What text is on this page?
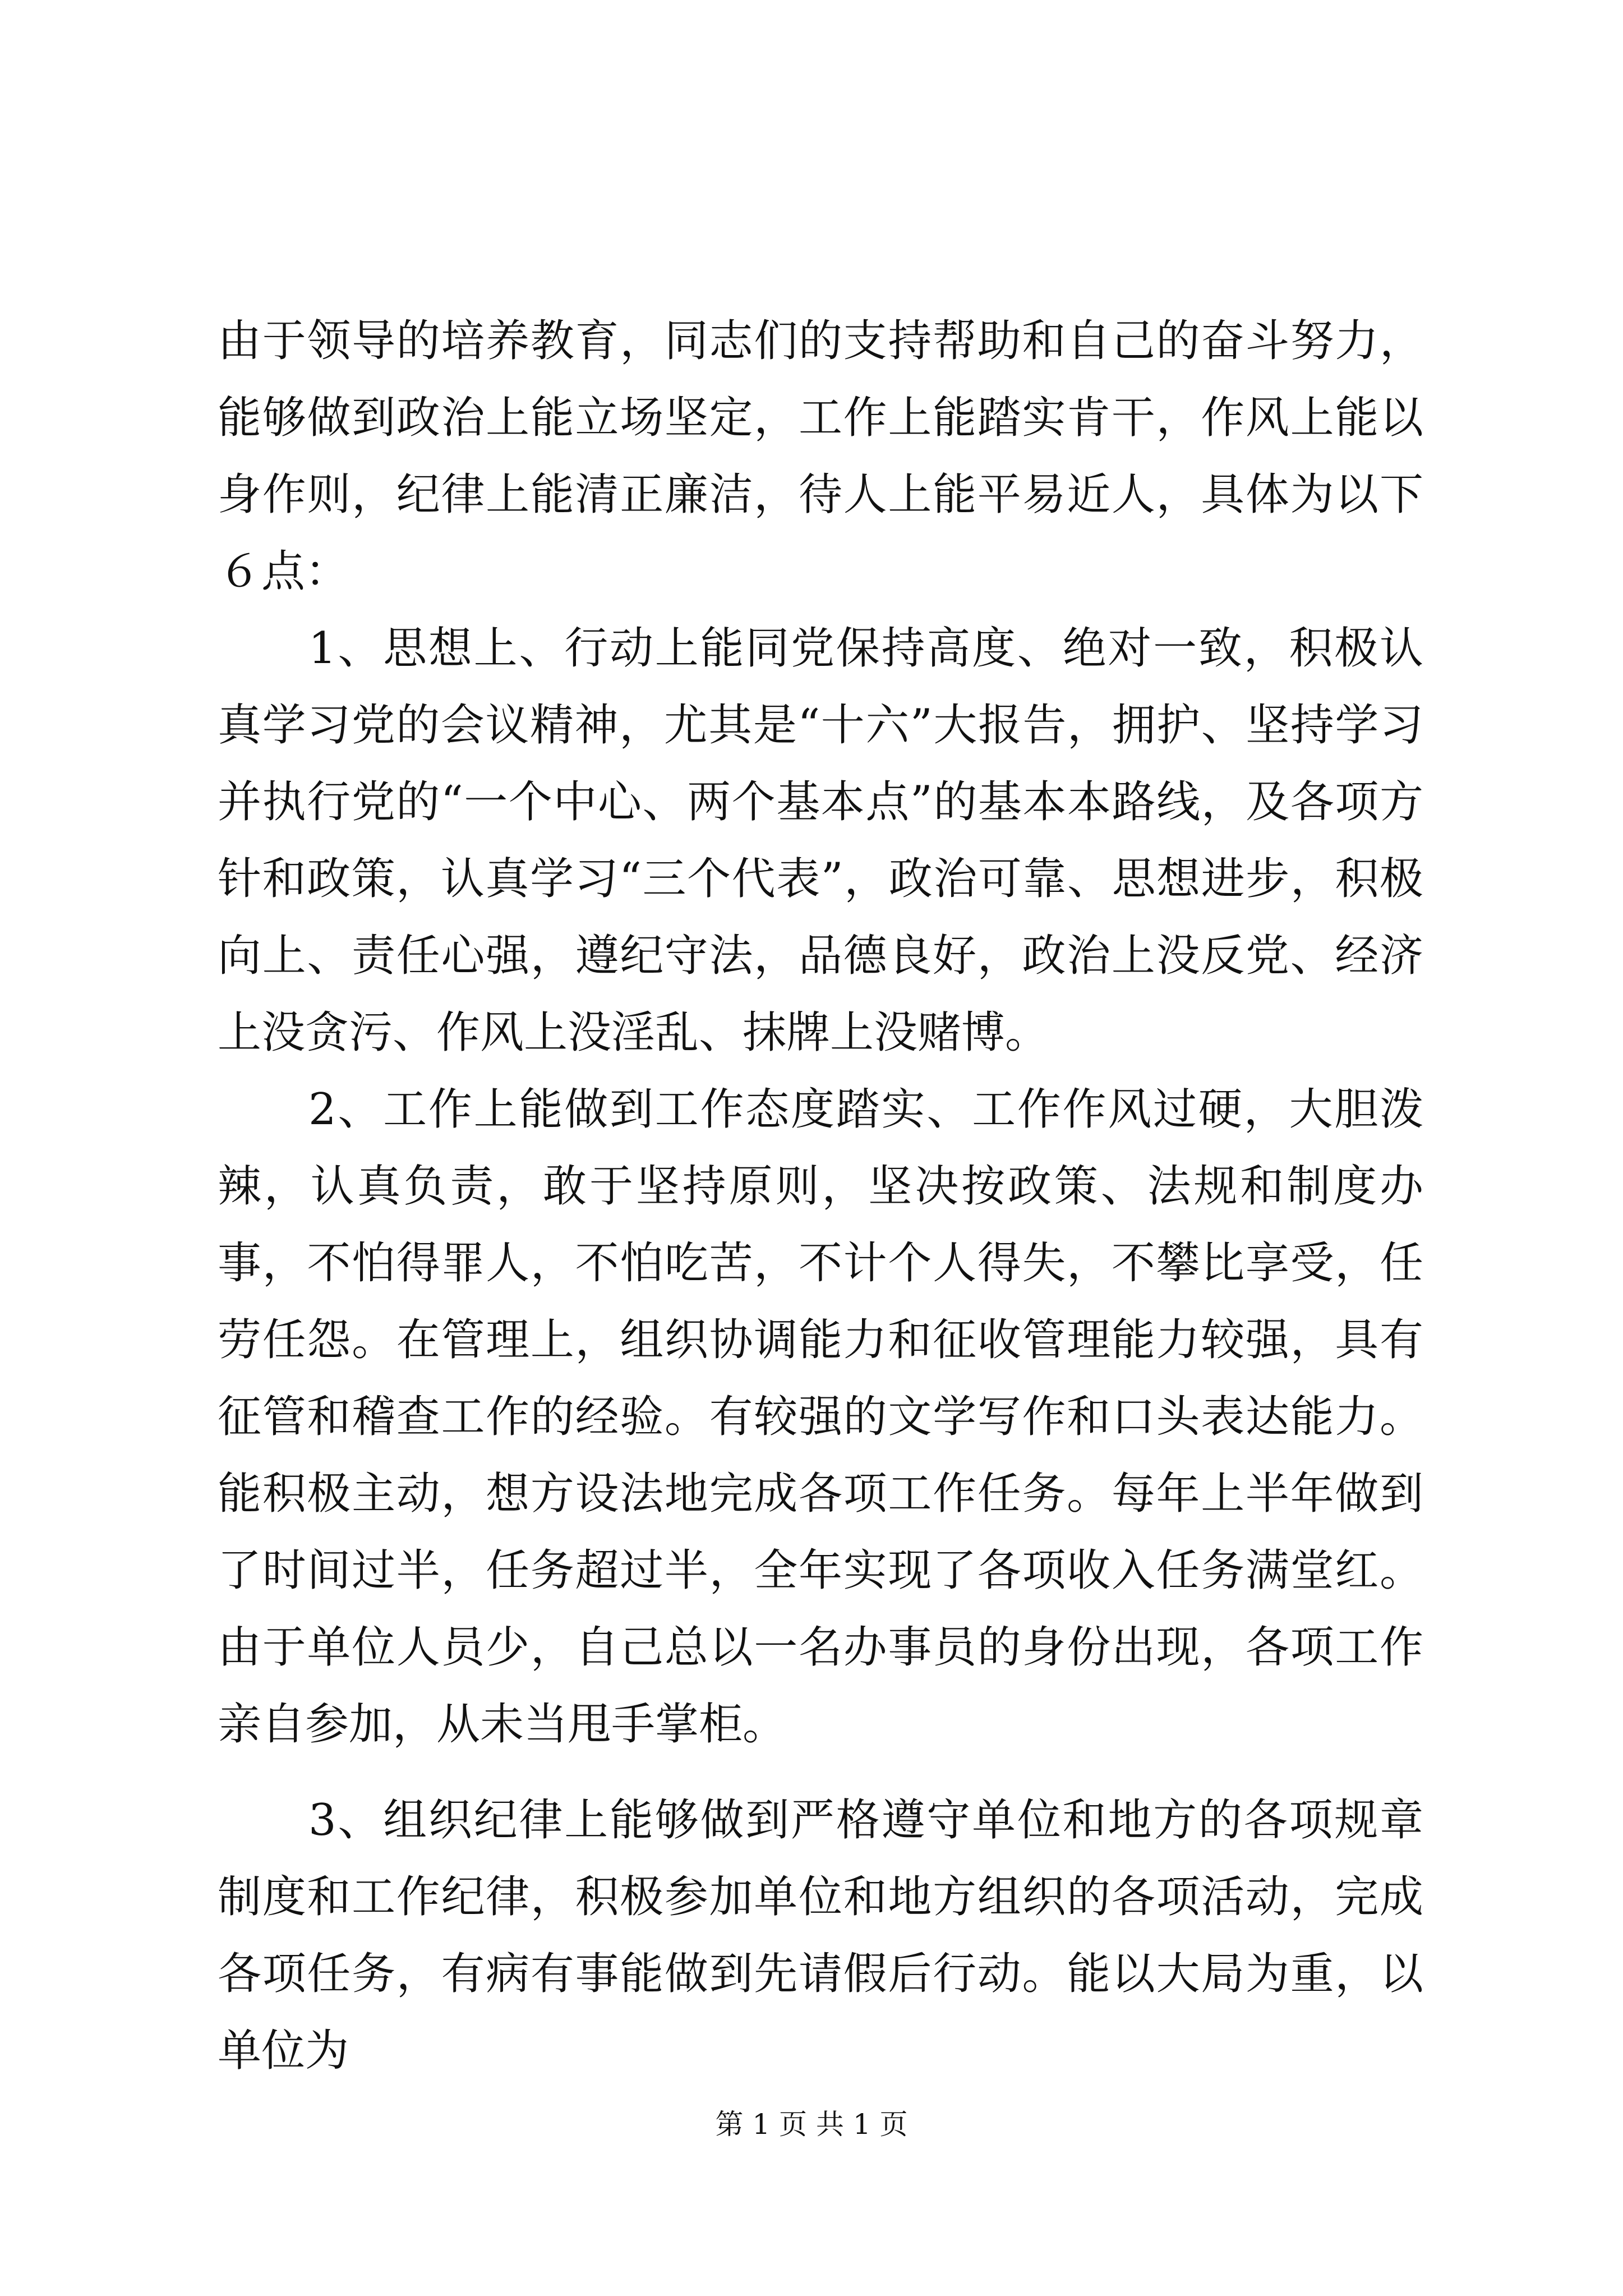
由于领导的培养教育，同志们的支持帮助和自己的奋斗努力，能够做到政治上能立场坚定，工作上能踏实肯干，作风上能以身作则，纪律上能清正廉洁，待人上能平易近人，具体为以下６点：

1、思想上、行动上能同党保持高度、绝对一致，积极认真学习党的会议精神，尤其是“十六”大报告，拥护、坚持学习并执行党的“一个中心、两个基本点”的基本本路线，及各项方针和政策，认真学习“三个代表”，政治可靠、思想进步，积极向上、责任心强，遵纪守法，品德良好，政治上没反党、经济上没贪污、作风上没淫乱、抹牌上没赌博。

2、工作上能做到工作态度踏实、工作作风过硬，大胆泼辣，认真负责，敢于坚持原则，坚决按政策、法规和制度办事，不怕得罪人，不怕吃苦，不计个人得失，不攀比享受，任劳任怨。在管理上，组织协调能力和征收管理能力较强，具有征管和稽查工作的经验。有较强的文学写作和口头表达能力。能积极主动，想方设法地完成各项工作任务。每年上半年做到了时间过半，任务超过半，全年实现了各项收入任务满堂红。由于单位人员少，自己总以一名办事员的身份出现，各项工作亲自参加，从未当甩手掌柜。

3、组织纪律上能够做到严格遵守单位和地方的各项规章制度和工作纪律，积极参加单位和地方组织的各项活动，完成各项任务，有病有事能做到先请假后行动。能以大局为重，以单位为

第 1 页 共 1 页
